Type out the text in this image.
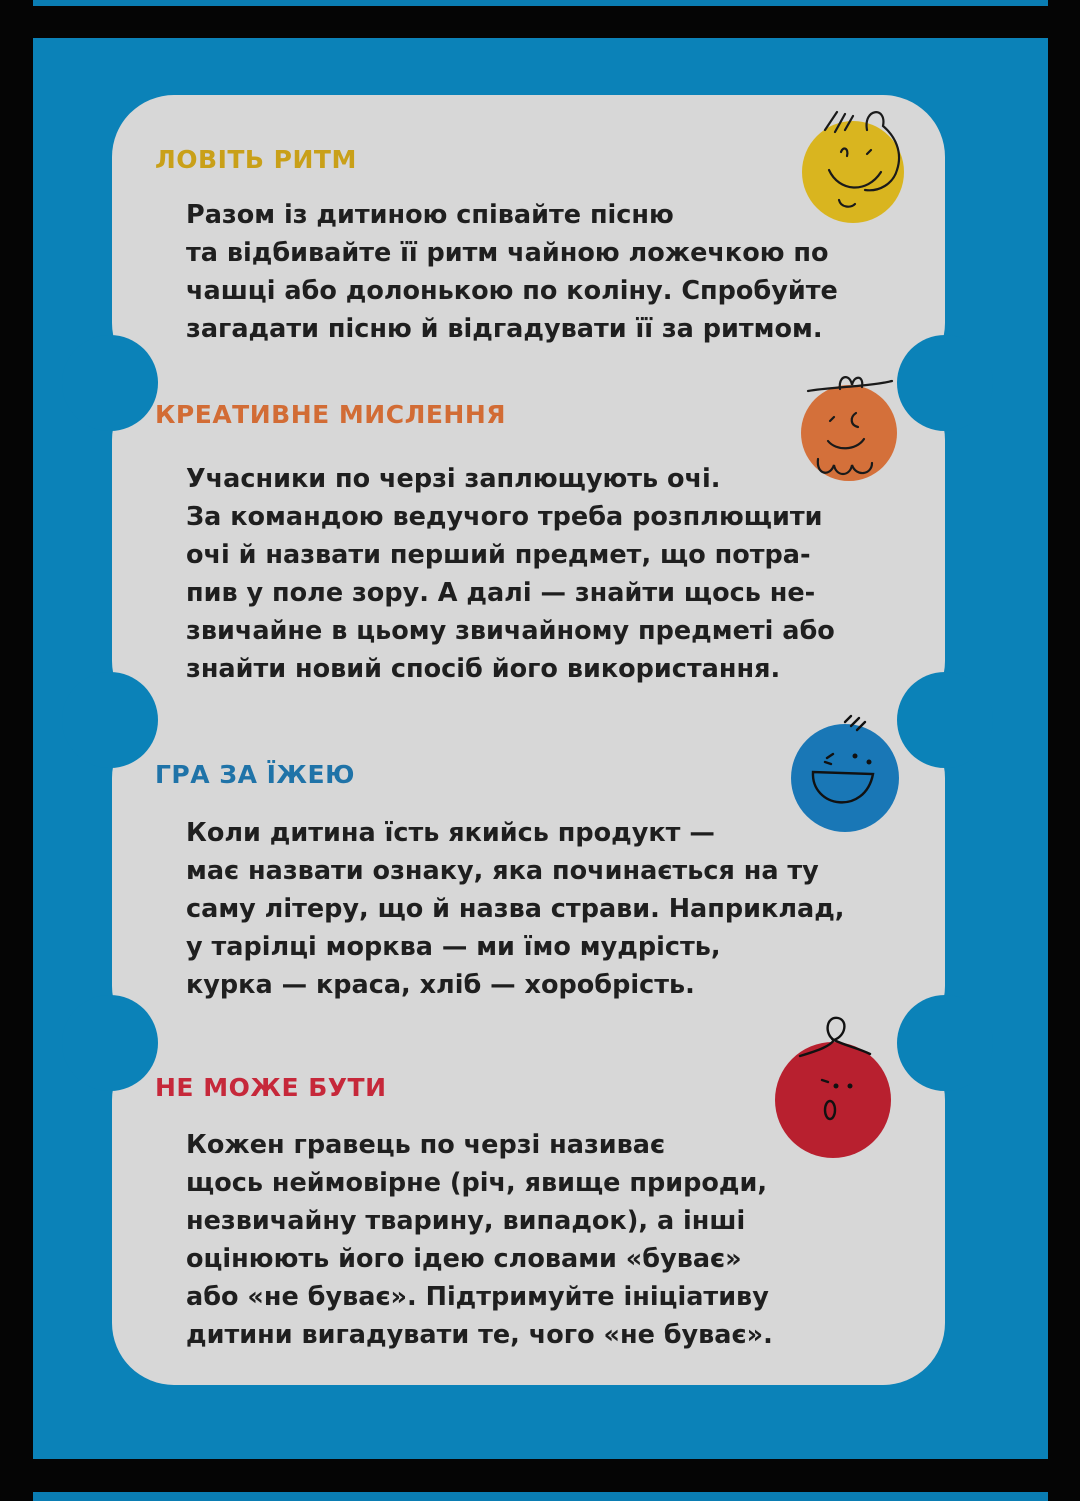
ЛОВІТЬ РИТМ

Разом із дитиною співайте пісню
та відбивайте її ритм чайною ложечкою по
чашці або долонькою по коліну. Спробуйте
загадати пісню й відгадувати її за ритмом.

КРЕАТИВНЕ МИСЛЕННЯ

Учасники по черзі заплющують очі.
За командою ведучого треба розплющити
очі й назвати перший предмет, що потра-
пив у поле зору. А далі — знайти щось не-
звичайне в цьому звичайному предметі або
знайти новий спосіб його використання.

ГРА ЗА ЇЖЕЮ

Коли дитина їсть якийсь продукт —
має назвати ознаку, яка починається на ту
саму літеру, що й назва страви. Наприклад,
у тарілці морква — ми їмо мудрість,
курка — краса, хліб — хоробрість.

НЕ МОЖЕ БУТИ

Кожен гравець по черзі називає
щось неймовірне (річ, явище природи,
незвичайну тварину, випадок), а інші
оцінюють його ідею словами «буває»
або «не буває». Підтримуйте ініціативу
дитини вигадувати те, чого «не буває».
